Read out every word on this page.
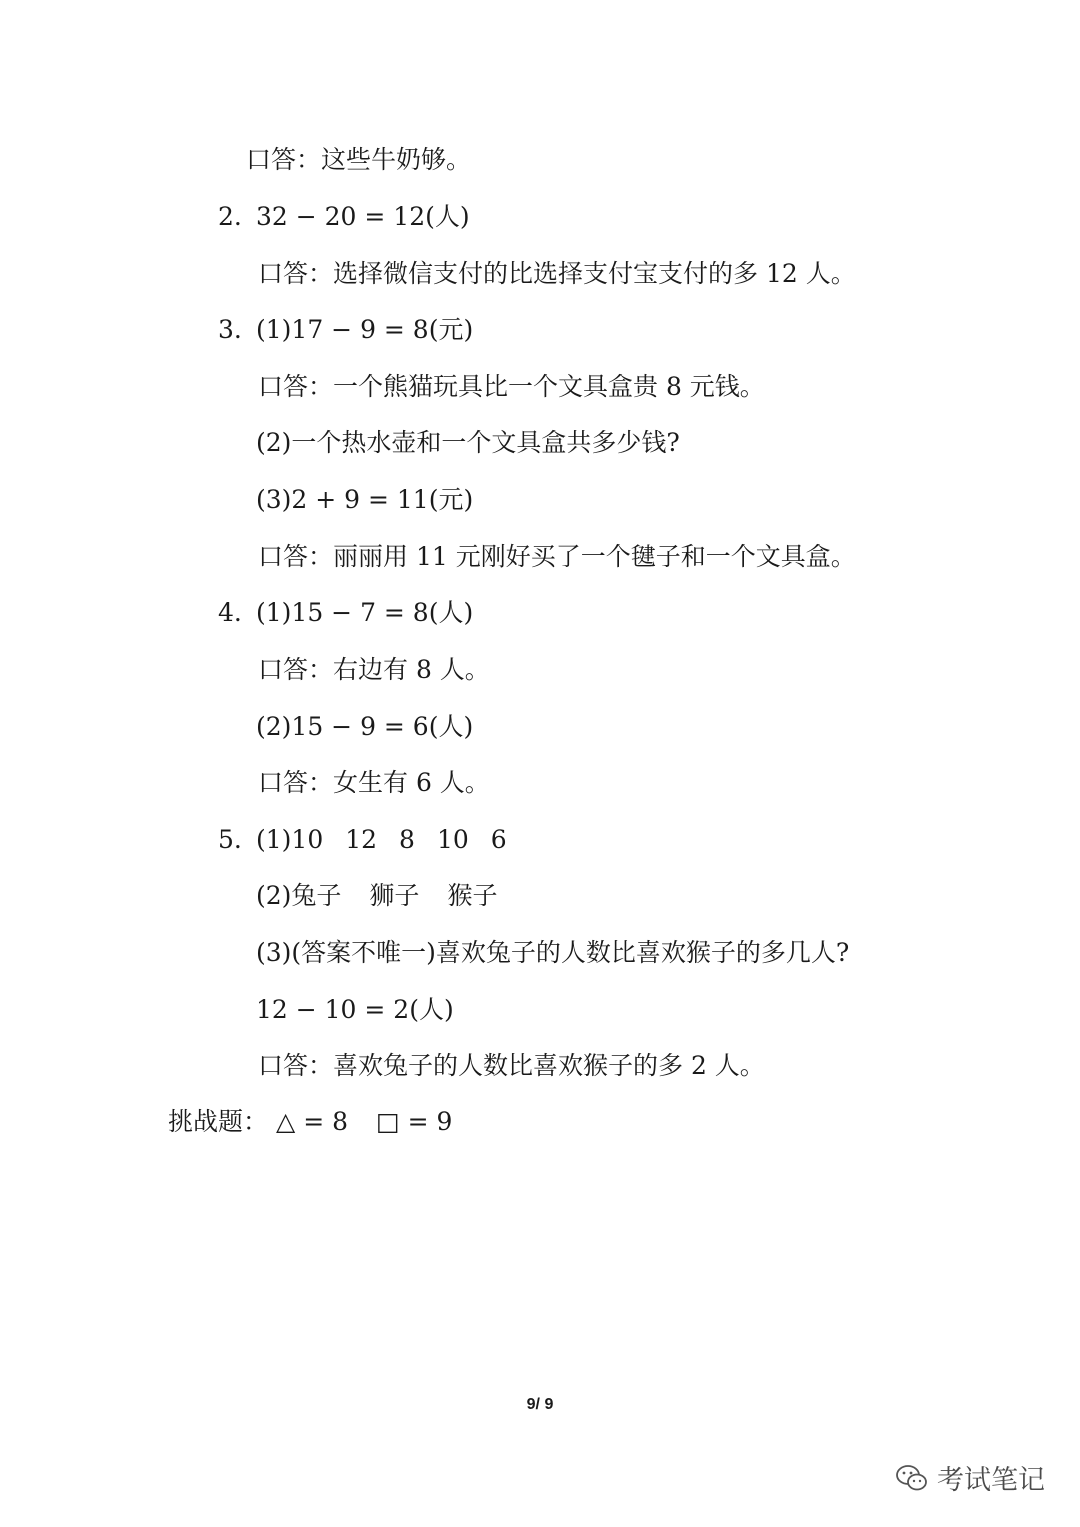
口答：这些牛奶够。
2. 32 − 20 = 12(人)
口答：选择微信支付的比选择支付宝支付的多 12 人。
3. (1)17 − 9 = 8(元)
口答：一个熊猫玩具比一个文具盒贵 8 元钱。
(2)一个热水壶和一个文具盒共多少钱?
(3)2 + 9 = 11(元)
口答：丽丽用 11 元刚好买了一个毽子和一个文具盒。
4. (1)15 − 7 = 8(人)
口答：右边有 8 人。
(2)15 − 9 = 6(人)
口答：女生有 6 人。
5. (1)10 12 8 10 6
(2)兔子 狮子 猴子
(3)(答案不唯一)喜欢兔子的人数比喜欢猴子的多几人?
12 − 10 = 2(人)
口答：喜欢兔子的人数比喜欢猴子的多 2 人。
挑战题： △ = 8 □ = 9
9/ 9
考试笔记
